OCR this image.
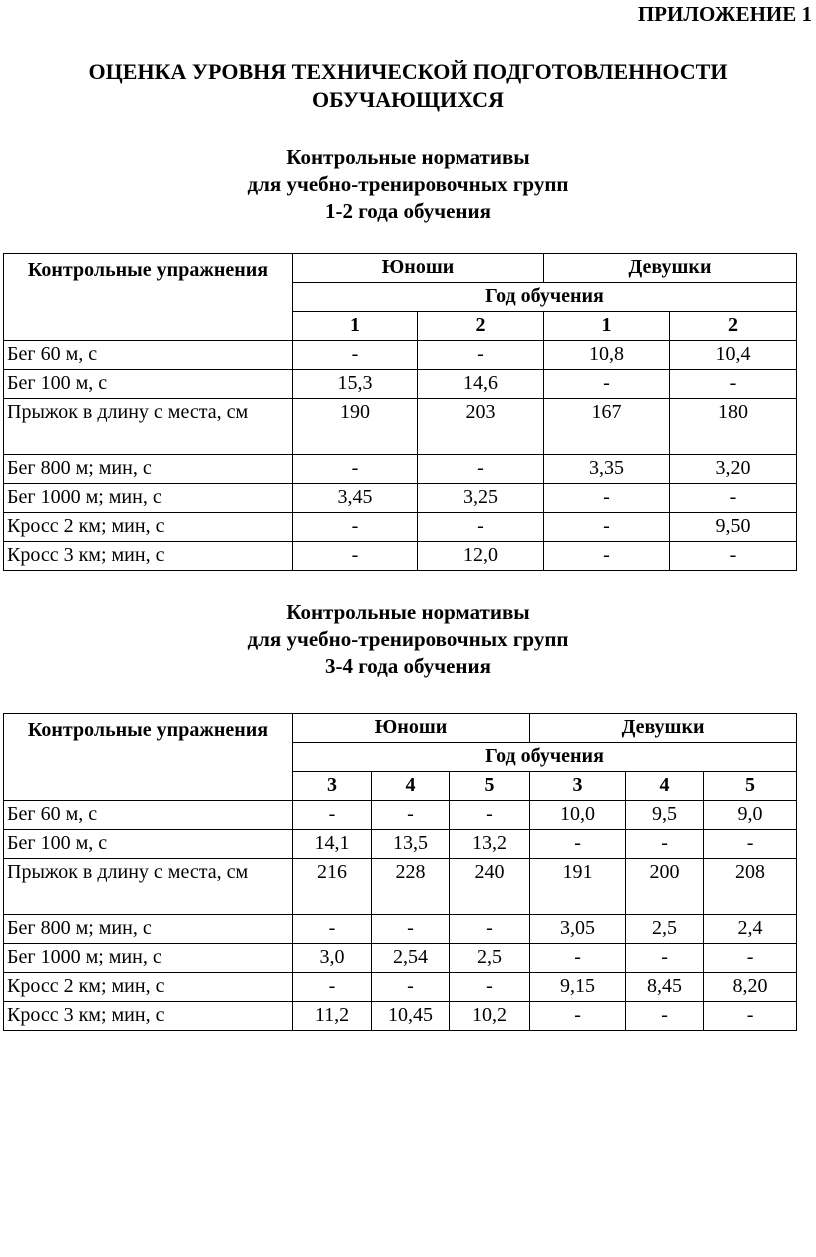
ПРИЛОЖЕНИЕ 1
ОЦЕНКА УРОВНЯ ТЕХНИЧЕСКОЙ ПОДГОТОВЛЕННОСТИ
ОБУЧАЮЩИХСЯ
Контрольные нормативы
для учебно-тренировочных групп
1-2 года обучения
Контрольные упражнения	Юноши		Девушки	
	Год обучения			
	1	2	1	2
Бег 60 м, с	-	-	10,8	10,4
Бег 100 м, с	15,3	14,6	-	-
Прыжок в длину с места, см	190	203	167	180
Бег 800 м; мин, с	-	-	3,35	3,20
Бег 1000 м; мин, с	3,45	3,25	-	-
Кросс 2 км; мин, с	-	-	-	9,50
Кросс 3 км; мин, с	-	12,0	-	-
Контрольные нормативы
для учебно-тренировочных групп
3-4 года обучения
Контрольные упражнения	Юноши			Девушки		
	Год обучения					
	3	4	5	3	4	5
Бег 60 м, с	-	-	-	10,0	9,5	9,0
Бег 100 м, с	14,1	13,5	13,2	-	-	-
Прыжок в длину с места, см	216	228	240	191	200	208
Бег 800 м; мин, с	-	-	-	3,05	2,5	2,4
Бег 1000 м; мин, с	3,0	2,54	2,5	-	-	-
Кросс 2 км; мин, с	-	-	-	9,15	8,45	8,20
Кросс 3 км; мин, с	11,2	10,45	10,2	-	-	-
